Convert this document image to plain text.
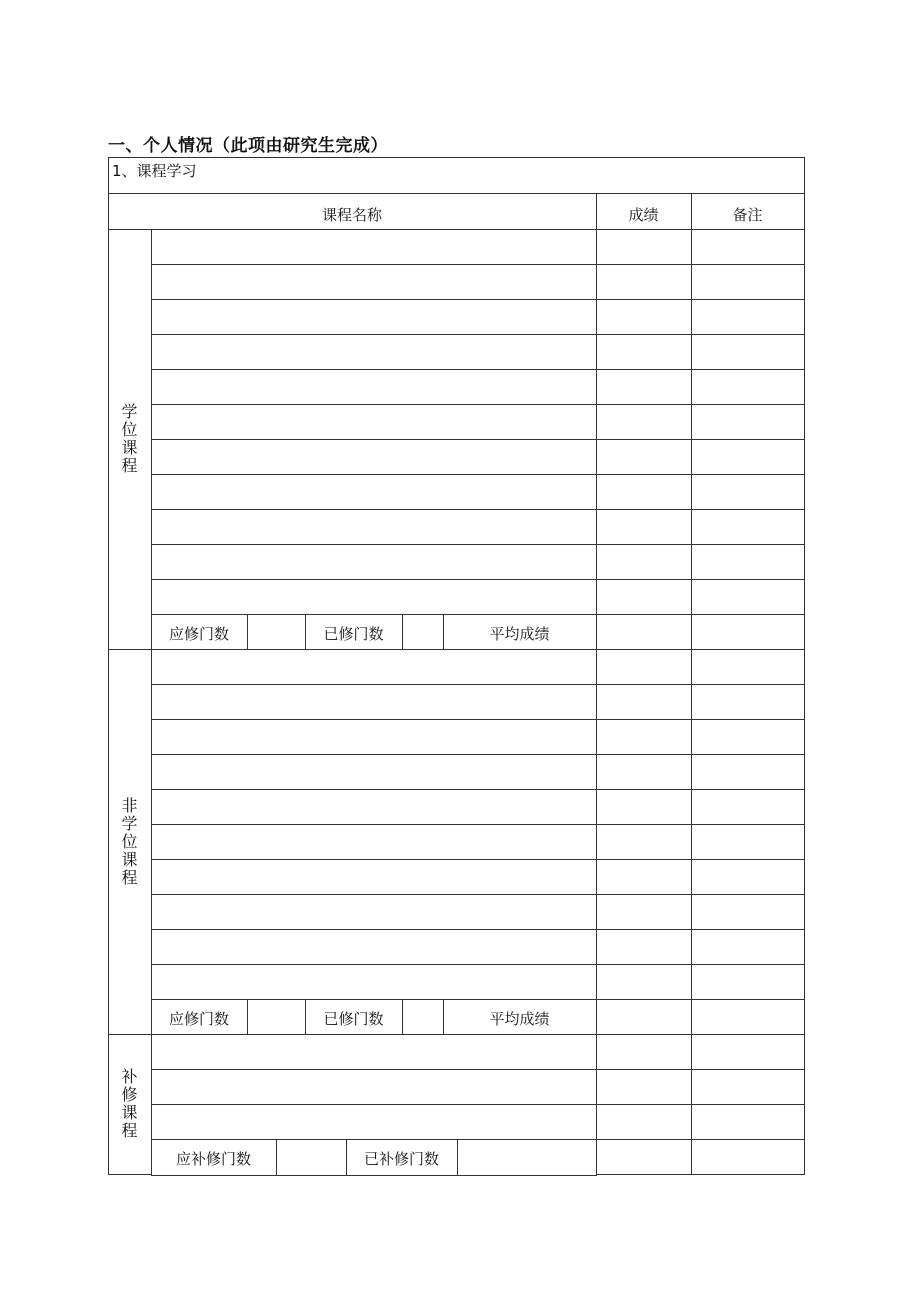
一、个人情况（此项由研究生完成）
1、课程学习
课程名称	成绩	备注
学
位
课
程
应修门数	已修门数	平均成绩
非
学
位
课
程
应修门数	已修门数	平均成绩
补
修
课
程
应补修门数	已补修门数
